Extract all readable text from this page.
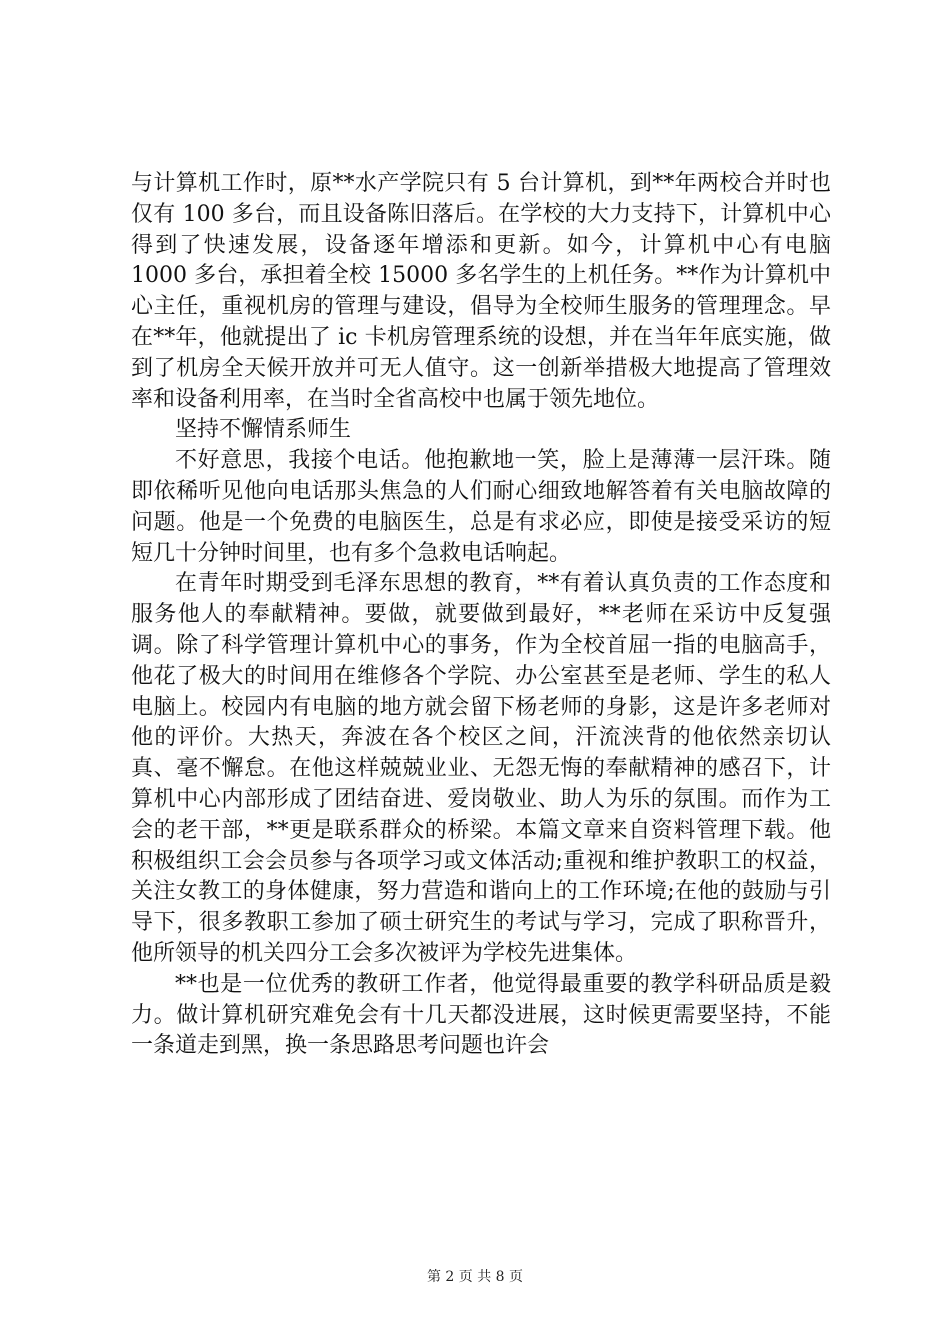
与计算机工作时，原**水产学院只有 5 台计算机，到**年两校合并时也仅有 100 多台，而且设备陈旧落后。在学校的大力支持下，计算机中心得到了快速发展，设备逐年增添和更新。如今，计算机中心有电脑 1000 多台，承担着全校 15000 多名学生的上机任务。**作为计算机中心主任，重视机房的管理与建设，倡导为全校师生服务的管理理念。早在**年，他就提出了 ic 卡机房管理系统的设想，并在当年年底实施，做到了机房全天候开放并可无人值守。这一创新举措极大地提高了管理效率和设备利用率，在当时全省高校中也属于领先地位。

坚持不懈情系师生

不好意思，我接个电话。他抱歉地一笑，脸上是薄薄一层汗珠。随即依稀听见他向电话那头焦急的人们耐心细致地解答着有关电脑故障的问题。他是一个免费的电脑医生，总是有求必应，即使是接受采访的短短几十分钟时间里，也有多个急救电话响起。

在青年时期受到毛泽东思想的教育，**有着认真负责的工作态度和服务他人的奉献精神。要做，就要做到最好，**老师在采访中反复强调。除了科学管理计算机中心的事务，作为全校首屈一指的电脑高手，他花了极大的时间用在维修各个学院、办公室甚至是老师、学生的私人电脑上。校园内有电脑的地方就会留下杨老师的身影，这是许多老师对他的评价。大热天，奔波在各个校区之间，汗流浃背的他依然亲切认真、毫不懈怠。在他这样兢兢业业、无怨无悔的奉献精神的感召下，计算机中心内部形成了团结奋进、爱岗敬业、助人为乐的氛围。而作为工会的老干部，**更是联系群众的桥梁。本篇文章来自资料管理下载。他积极组织工会会员参与各项学习或文体活动;重视和维护教职工的权益，关注女教工的身体健康，努力营造和谐向上的工作环境;在他的鼓励与引导下，很多教职工参加了硕士研究生的考试与学习，完成了职称晋升，他所领导的机关四分工会多次被评为学校先进集体。

**也是一位优秀的教研工作者，他觉得最重要的教学科研品质是毅力。做计算机研究难免会有十几天都没进展，这时候更需要坚持，不能一条道走到黑，换一条思路思考问题也许会

第 2 页 共 8 页
